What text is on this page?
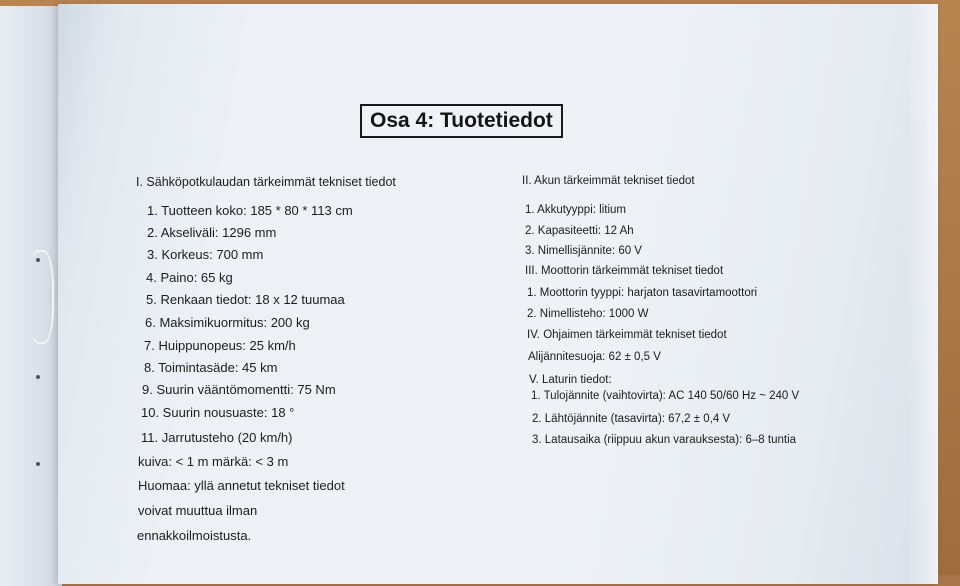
Osa 4: Tuotetiedot
I. Sähköpotkulaudan tärkeimmät tekniset tiedot
1. Tuotteen koko: 185 * 80 * 113 cm
2. Akseliväli: 1296 mm
3. Korkeus: 700 mm
4. Paino: 65 kg
5. Renkaan tiedot: 18 x 12 tuumaa
6. Maksimikuormitus: 200 kg
7. Huippunopeus: 25 km/h
8. Toimintasäde: 45 km
9. Suurin vääntömomentti: 75 Nm
10. Suurin nousuaste: 18 °
11. Jarrutusteho (20 km/h)
kuiva: < 1 m märkä: < 3 m
Huomaa: yllä annetut tekniset tiedot
voivat muuttua ilman
ennakkoilmoistusta.
II. Akun tärkeimmät tekniset tiedot
1. Akkutyyppi: litium
2. Kapasiteetti: 12 Ah
3. Nimellisjännite: 60 V
III. Moottorin tärkeimmät tekniset tiedot
1. Moottorin tyyppi: harjaton tasavirtamoottori
2. Nimellisteho: 1000 W
IV. Ohjaimen tärkeimmät tekniset tiedot
Alijännitesuoja: 62 ± 0,5 V
V. Laturin tiedot:
1. Tulojännite (vaihtovirta): AC 140 50/60 Hz ~ 240 V
2. Lähtöjännite (tasavirta): 67,2 ± 0,4 V
3. Latausaika (riippuu akun varauksesta): 6–8 tuntia
